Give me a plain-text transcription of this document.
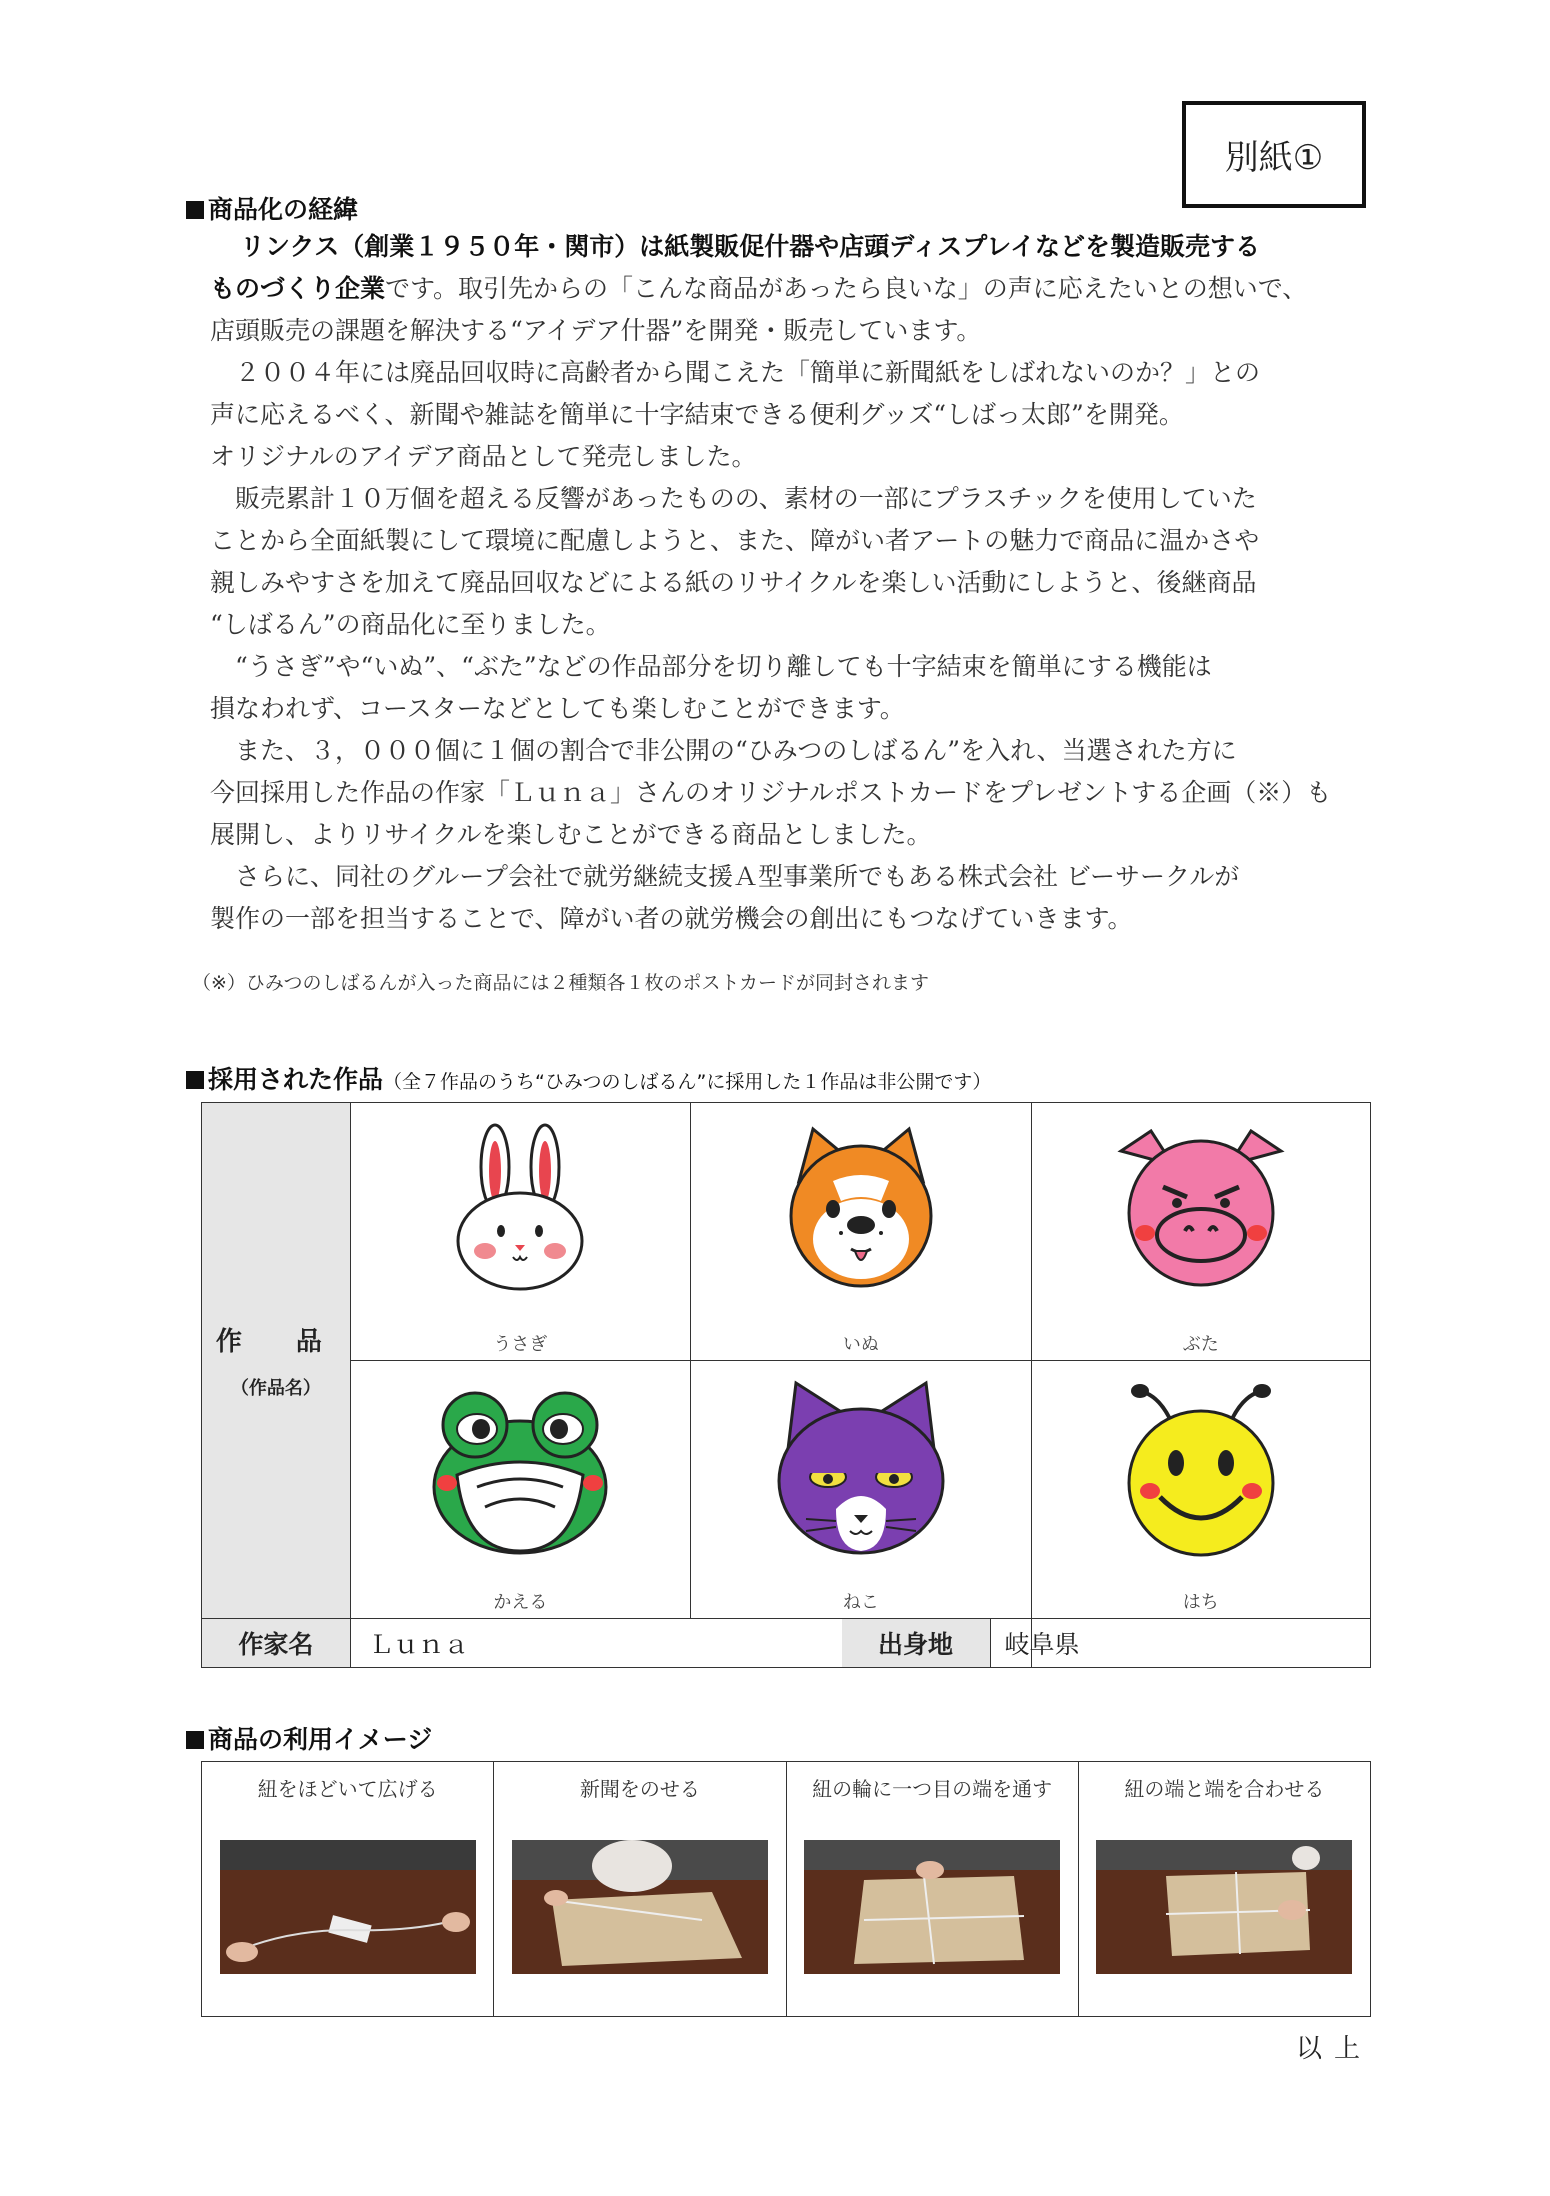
別紙①
商品化の経緯

リンクス（創業１９５０年・関市）は紙製販促什器や店頭ディスプレイなどを製造販売する

ものづくり企業です。取引先からの「こんな商品があったら良いな」の声に応えたいとの想いで、

店頭販売の課題を解決する“アイデア什器”を開発・販売しています。

　２００４年には廃品回収時に高齢者から聞こえた「簡単に新聞紙をしばれないのか？」との

声に応えるべく、新聞や雑誌を簡単に十字結束できる便利グッズ“しばっ太郎”を開発。

オリジナルのアイデア商品として発売しました。

　販売累計１０万個を超える反響があったものの、素材の一部にプラスチックを使用していた

ことから全面紙製にして環境に配慮しようと、また、障がい者アートの魅力で商品に温かさや

親しみやすさを加えて廃品回収などによる紙のリサイクルを楽しい活動にしようと、後継商品

“しばるん”の商品化に至りました。

　“うさぎ”や“いぬ”、“ぶた”などの作品部分を切り離しても十字結束を簡単にする機能は

損なわれず、コースターなどとしても楽しむことができます。

　また、３，０００個に１個の割合で非公開の“ひみつのしばるん”を入れ、当選された方に

今回採用した作品の作家「Ｌｕｎａ」さんのオリジナルポストカードをプレゼントする企画（※）も

展開し、よりリサイクルを楽しむことができる商品としました。

　さらに、同社のグループ会社で就労継続支援Ａ型事業所でもある株式会社 ビーサークルが

製作の一部を担当することで、障がい者の就労機会の創出にもつなげていきます。

（※）ひみつのしばるんが入った商品には２種類各１枚のポストカードが同封されます
採用された作品（全７作品のうち“ひみつのしばるん”に採用した１作品は非公開です）
作　品
（作品名）	うさぎ	いぬ	ぶた

	かえる	ねこ	はち

作家名	Ｌｕｎａ		出身地 岐阜県
商品の利用イメージ
紐をほどいて広げる	新聞をのせる	紐の輪に一つ目の端を通す	紐の端と端を合わせる
以上
